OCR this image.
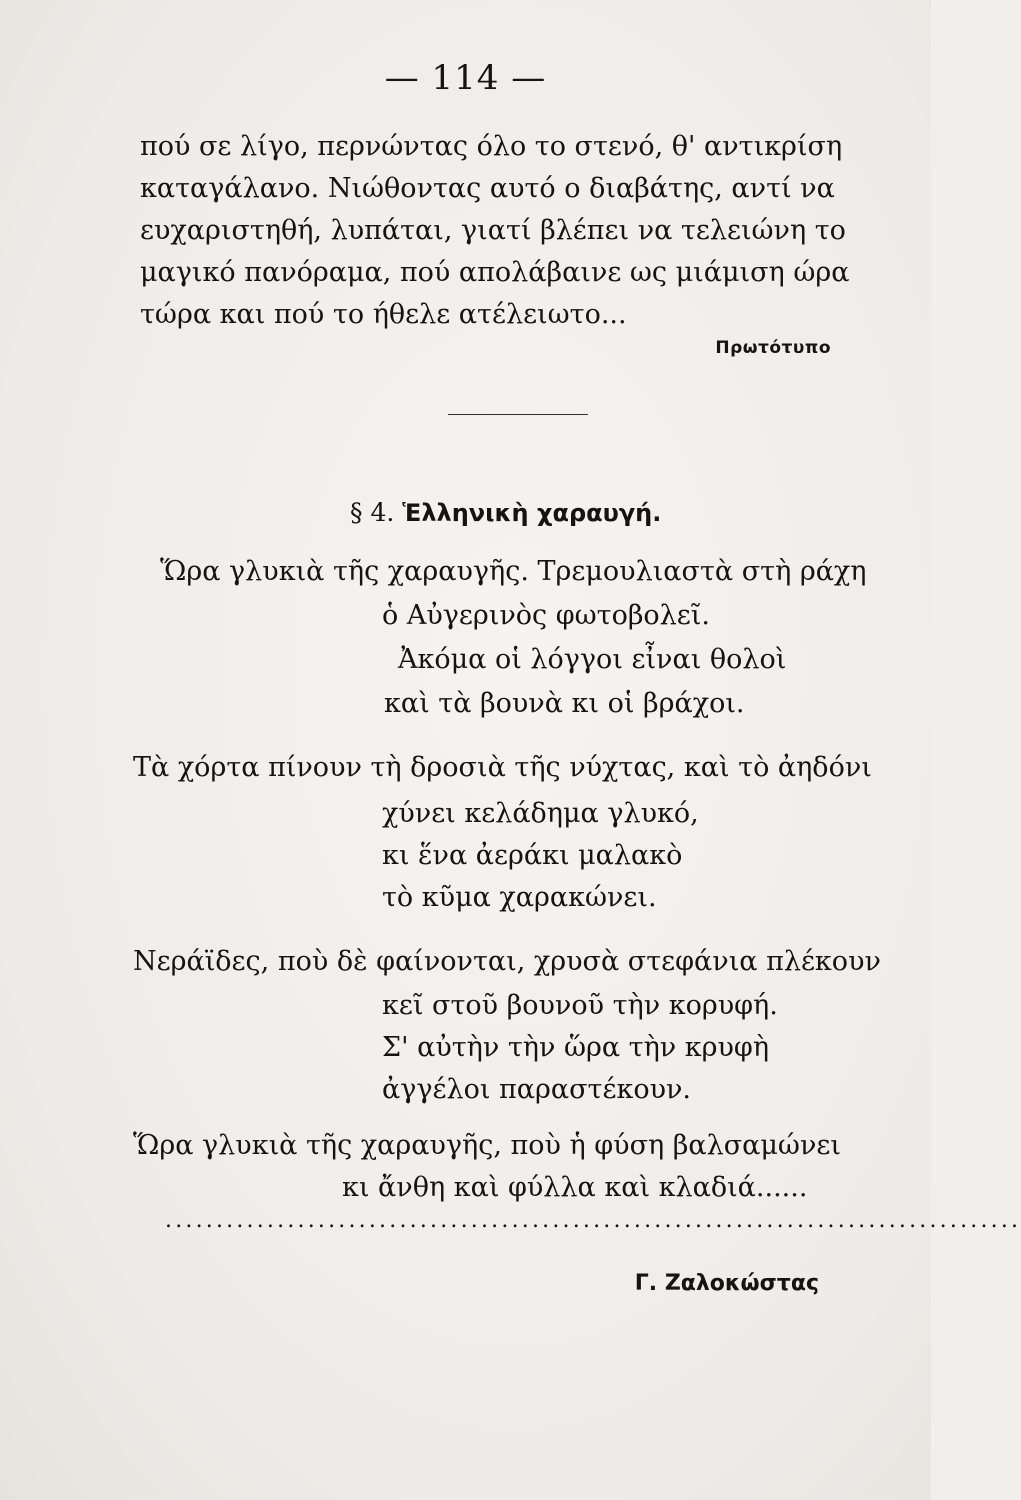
— 114 —
πού σε λίγο, περνώντας όλο το στενό, θ' αντικρίση
καταγάλανο. Νιώθοντας αυτό ο διαβάτης, αντί να
ευχαριστηθή, λυπάται, γιατί βλέπει να τελειώνη το
μαγικό πανόραμα, πού απολάβαινε ως μιάμιση ώρα
τώρα και πού το ήθελε ατέλειωτο...
Πρωτότυπο
§ 4. Ἑλληνικὴ χαραυγή.
Ὥρα γλυκιὰ τῆς χαραυγῆς. Τρεμουλιαστὰ στὴ ράχη
ὁ Αὐγερινὸς φωτοβολεῖ.
Ἀκόμα οἱ λόγγοι εἶναι θολοὶ
καὶ τὰ βουνὰ κι οἱ βράχοι.
Τὰ χόρτα πίνουν τὴ δροσιὰ τῆς νύχτας, καὶ τὸ ἀηδόνι
χύνει κελάδημα γλυκό,
κι ἕνα ἀεράκι μαλακὸ
τὸ κῦμα χαρακώνει.
Νεράϊδες, ποὺ δὲ φαίνονται, χρυσὰ στεφάνια πλέκουν
κεῖ στοῦ βουνοῦ τὴν κορυφή.
Σ' αὐτὴν τὴν ὥρα τὴν κρυφὴ
ἀγγέλοι παραστέκουν.
Ὥρα γλυκιὰ τῆς χαραυγῆς, ποὺ ἡ φύση βαλσαμώνει
κι ἄνθη καὶ φύλλα καὶ κλαδιά......
....................................................................................
Γ. Ζαλοκώστας
